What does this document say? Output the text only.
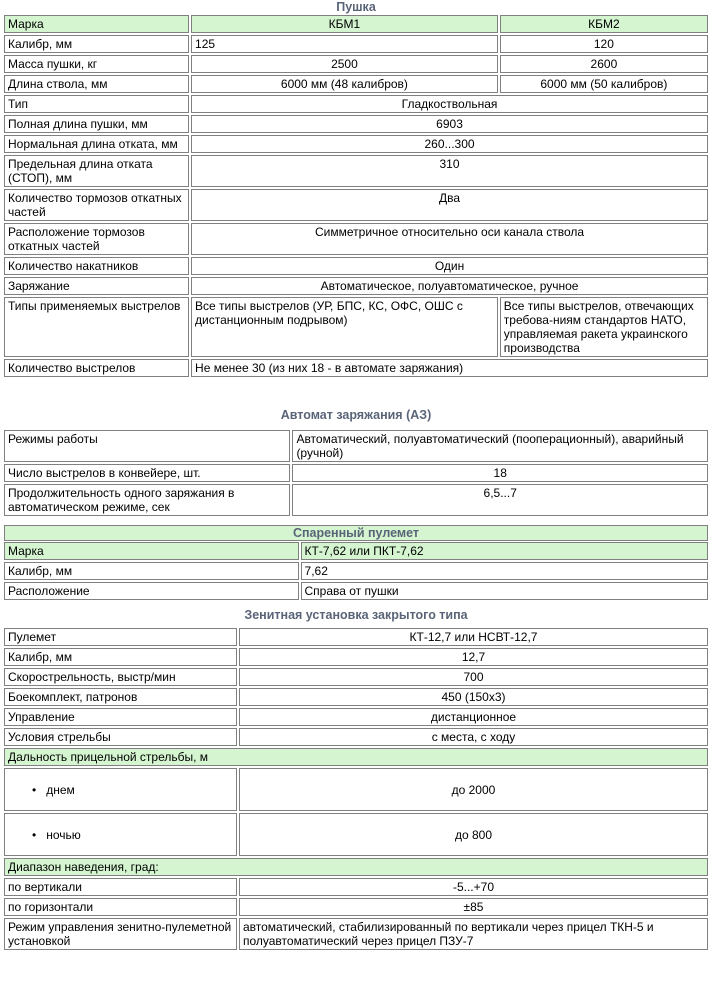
Пушка
Марка	КБМ1	КБМ2
Калибр, мм	125	120
Масса пушки, кг	2500	2600
Длина ствола, мм	6000 мм (48 калибров)	6000 мм (50 калибров)
Тип	Гладкоствольная	
Полная длина пушки, мм	6903	
Нормальная длина отката, мм	260...300	
Предельная длина отката (СТОП), мм	310	
Количество тормозов откатных частей	Два	
Расположение тормозов откатных частей	Симметричное относительно оси канала ствола	
Количество накатников	Один	
Заряжание	Автоматическое, полуавтоматическое, ручное	
Типы применяемых выстрелов	Все типы выстрелов (УР, БПС, КС, ОФС, ОШС с дистанционным подрывом)	Все типы выстрелов, отвечающих требова-ниям стандартов НАТО, управляемая ракета украинского производства
Количество выстрелов	Не менее 30 (из них 18 - в автомате заряжания)	
Автомат заряжания (АЗ)
Режимы работы	Автоматический, полуавтоматический (пооперационный), аварийный (ручной)
Число выстрелов в конвейере, шт.	18
Продолжительность одного заряжания в автоматическом режиме, сек	6,5...7
Спаренный пулемет
Марка	КТ-7,62 или ПКТ-7,62
Калибр, мм	7,62
Расположение	Справа от пушки
Зенитная установка закрытого типа
Пулемет	КТ-12,7 или НСВТ-12,7
Калибр, мм	12,7
Скорострельность, выстр/мин	700
Боекомплект, патронов	450 (150х3)
Управление	дистанционное
Условия стрельбы	с места, с ходу
Дальность прицельной стрельбы, м	
• днем	до 2000
• ночью	до 800
Диапазон наведения, град:	
по вертикали	-5...+70
по горизонтали	±85
Режим управления зенитно-пулеметной установкой	автоматический, стабилизированный по вертикали через прицел ТКН-5 и полуавтоматический через прицел ПЗУ-7
